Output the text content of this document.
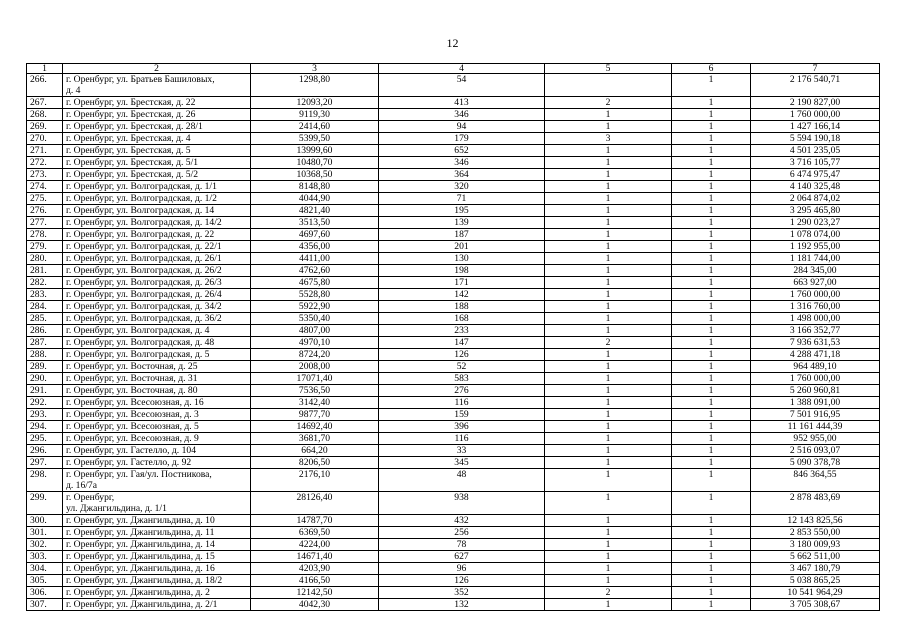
12
1	2	3	4	5	6	7
266.	г. Оренбург, ул. Братьев Башиловых,
д. 4	1298,80	54		1	2 176 540,71
267.	г. Оренбург, ул. Брестская, д. 22	12093,20	413	2	1	2 190 827,00
268.	г. Оренбург, ул. Брестская, д. 26	9119,30	346	1	1	1 760 000,00
269.	г. Оренбург, ул. Брестская, д. 28/1	2414,60	94	1	1	1 427 166,14
270.	г. Оренбург, ул. Брестская, д. 4	5399,50	179	3	1	5 594 190,18
271.	г. Оренбург, ул. Брестская, д. 5	13999,60	652	1	1	4 501 235,05
272.	г. Оренбург, ул. Брестская, д. 5/1	10480,70	346	1	1	3 716 105,77
273.	г. Оренбург, ул. Брестская, д. 5/2	10368,50	364	1	1	6 474 975,47
274.	г. Оренбург, ул. Волгоградская, д. 1/1	8148,80	320	1	1	4 140 325,48
275.	г. Оренбург, ул. Волгоградская, д. 1/2	4044,90	71	1	1	2 064 874,02
276.	г. Оренбург, ул. Волгоградская, д. 14	4821,40	195	1	1	3 295 465,80
277.	г. Оренбург, ул. Волгоградская, д. 14/2	3513,50	139	1	1	1 290 023,27
278.	г. Оренбург, ул. Волгоградская, д. 22	4697,60	187	1	1	1 078 074,00
279.	г. Оренбург, ул. Волгоградская, д. 22/1	4356,00	201	1	1	1 192 955,00
280.	г. Оренбург, ул. Волгоградская, д. 26/1	4411,00	130	1	1	1 181 744,00
281.	г. Оренбург, ул. Волгоградская, д. 26/2	4762,60	198	1	1	284 345,00
282.	г. Оренбург, ул. Волгоградская, д. 26/3	4675,80	171	1	1	663 927,00
283.	г. Оренбург, ул. Волгоградская, д. 26/4	5528,80	142	1	1	1 760 000,00
284.	г. Оренбург, ул. Волгоградская, д. 34/2	5922,90	188	1	1	1 316 760,00
285.	г. Оренбург, ул. Волгоградская, д. 36/2	5350,40	168	1	1	1 498 000,00
286.	г. Оренбург, ул. Волгоградская, д. 4	4807,00	233	1	1	3 166 352,77
287.	г. Оренбург, ул. Волгоградская, д. 48	4970,10	147	2	1	7 936 631,53
288.	г. Оренбург, ул. Волгоградская, д. 5	8724,20	126	1	1	4 288 471,18
289.	г. Оренбург, ул. Восточная, д. 25	2008,00	52	1	1	964 489,10
290.	г. Оренбург, ул. Восточная, д. 31	17071,40	583	1	1	1 760 000,00
291.	г. Оренбург, ул. Восточная, д. 80	7536,50	276	1	1	5 260 960,81
292.	г. Оренбург, ул. Всесоюзная, д. 16	3142,40	116	1	1	1 388 091,00
293.	г. Оренбург, ул. Всесоюзная, д. 3	9877,70	159	1	1	7 501 916,95
294.	г. Оренбург, ул. Всесоюзная, д. 5	14692,40	396	1	1	11 161 444,39
295.	г. Оренбург, ул. Всесоюзная, д. 9	3681,70	116	1	1	952 955,00
296.	г. Оренбург, ул. Гастелло, д. 104	664,20	33	1	1	2 516 093,07
297.	г. Оренбург, ул. Гастелло, д. 92	8206,50	345	1	1	5 090 378,78
298.	г. Оренбург, ул. Гая/ул. Постникова,
д. 16/7а	2176,10	48	1	1	846 364,55
299.	г. Оренбург,
ул. Джангильдина, д. 1/1	28126,40	938	1	1	2 878 483,69
300.	г. Оренбург, ул. Джангильдина, д. 10	14787,70	432	1	1	12 143 825,56
301.	г. Оренбург, ул. Джангильдина, д. 11	6369,50	256	1	1	2 853 550,00
302.	г. Оренбург, ул. Джангильдина, д. 14	4224,00	78	1	1	3 180 009,93
303.	г. Оренбург, ул. Джангильдина, д. 15	14671,40	627	1	1	5 662 511,00
304.	г. Оренбург, ул. Джангильдина, д. 16	4203,90	96	1	1	3 467 180,79
305.	г. Оренбург, ул. Джангильдина, д. 18/2	4166,50	126	1	1	5 038 865,25
306.	г. Оренбург, ул. Джангильдина, д. 2	12142,50	352	2	1	10 541 964,29
307.	г. Оренбург, ул. Джангильдина, д. 2/1	4042,30	132	1	1	3 705 308,67
